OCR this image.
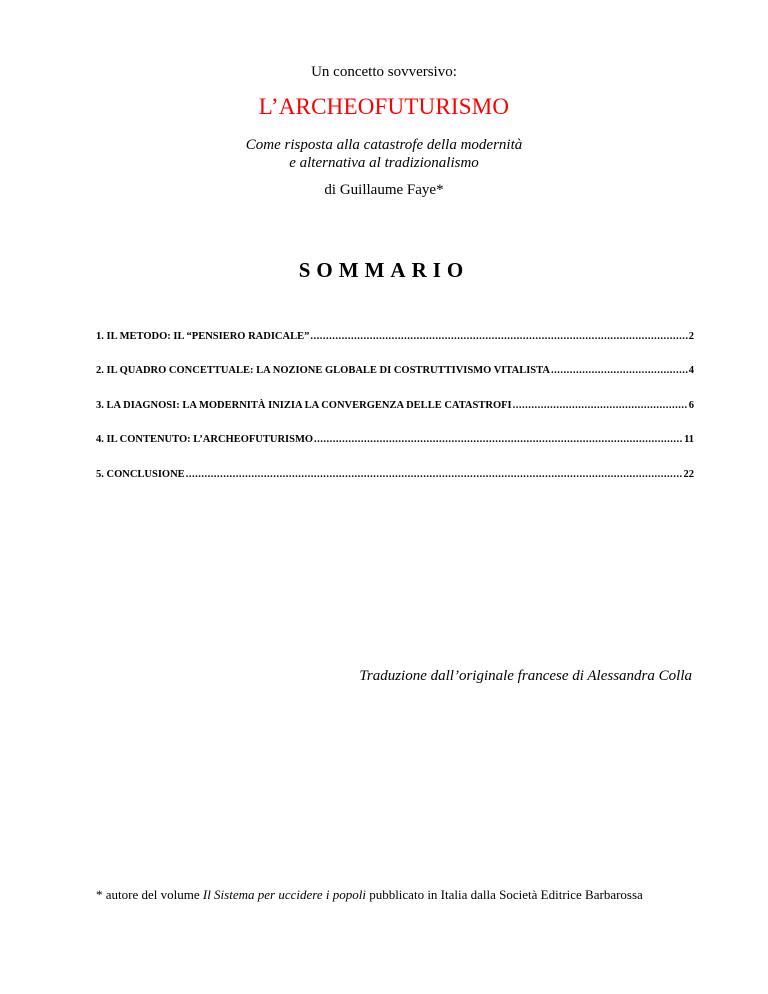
Un concetto sovversivo:
L’ARCHEOFUTURISMO
Come risposta alla catastrofe della modernità
e alternativa al tradizionalismo
di Guillaume Faye*
SOMMARIO
1. IL METODO: IL “PENSIERO RADICALE” .....	2
2. IL QUADRO CONCETTUALE: LA NOZIONE GLOBALE DI COSTRUTTIVISMO VITALISTA .....	4
3. LA DIAGNOSI: LA MODERNITÀ INIZIA LA CONVERGENZA DELLE CATASTROFI .....	6
4. IL CONTENUTO: L’ARCHEOFUTURISMO .....	11
5. CONCLUSIONE .....	22
Traduzione dall’originale francese di Alessandra Colla
* autore del volume Il Sistema per uccidere i popoli pubblicato in Italia dalla Società Editrice Barbarossa
